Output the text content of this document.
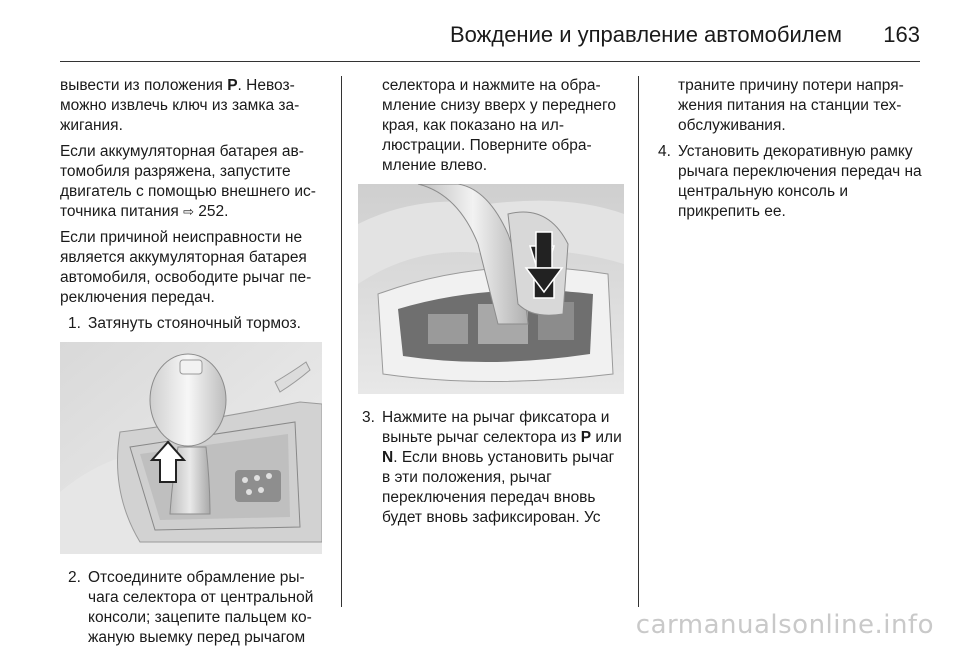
Вождение и управление автомобилем 163

вывести из положения P. Невозможно извлечь ключ из замка зажигания.

Если аккумуляторная батарея автомобиля разряжена, запустите двигатель с помощью внешнего источника питания ⇨ 252.

Если причиной неисправности не является аккумуляторная батарея автомобиля, освободите рычаг переключения передач.

1. Затянуть стояночный тормоз.
2. Отсоедините обрамление рычага селектора от центральной консоли; зацепите пальцем кожаную выемку перед рычагом

селектора и нажмите на обрамление снизу вверх у переднего края, как показано на иллюстрации. Поверните обрамление влево.

3. Нажмите на рычаг фиксатора и выньте рычаг селектора из P или N. Если вновь установить рычаг в эти положения, рычаг переключения передач вновь будет вновь зафиксирован. Ус

траните причину потери напряжения питания на станции техобслуживания.

4. Установить декоративную рамку рычага переключения передач на центральную консоль и прикрепить ее.
carmanualsonline.info
